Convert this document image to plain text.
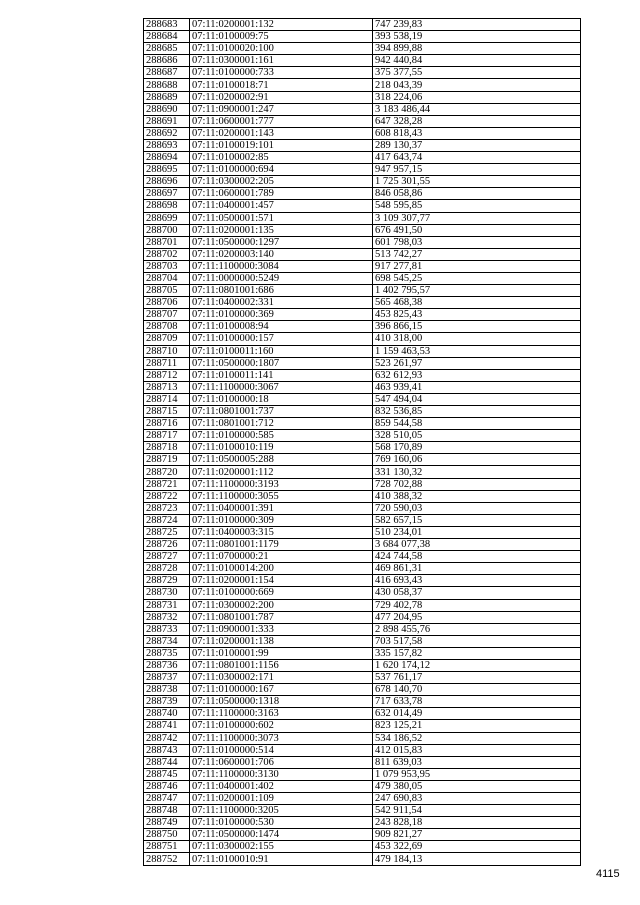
288683	07:11:0200001:132	747 239,83
288684	07:11:0100009:75	393 538,19
288685	07:11:0100020:100	394 899,88
288686	07:11:0300001:161	942 440,84
288687	07:11:0100000:733	375 377,55
288688	07:11:0100018:71	218 043,39
288689	07:11:0200002:91	318 224,06
288690	07:11:0900001:247	3 183 486,44
288691	07:11:0600001:777	647 328,28
288692	07:11:0200001:143	608 818,43
288693	07:11:0100019:101	289 130,37
288694	07:11:0100002:85	417 643,74
288695	07:11:0100000:694	947 957,15
288696	07:11:0300002:205	1 725 301,55
288697	07:11:0600001:789	846 058,86
288698	07:11:0400001:457	548 595,85
288699	07:11:0500001:571	3 109 307,77
288700	07:11:0200001:135	676 491,50
288701	07:11:0500000:1297	601 798,03
288702	07:11:0200003:140	513 742,27
288703	07:11:1100000:3084	917 277,81
288704	07:11:0000000:5249	698 545,25
288705	07:11:0801001:686	1 402 795,57
288706	07:11:0400002:331	565 468,38
288707	07:11:0100000:369	453 825,43
288708	07:11:0100008:94	396 866,15
288709	07:11:0100000:157	410 318,00
288710	07:11:0100011:160	1 159 463,53
288711	07:11:0500000:1807	523 261,97
288712	07:11:0100011:141	632 612,93
288713	07:11:1100000:3067	463 939,41
288714	07:11:0100000:18	547 494,04
288715	07:11:0801001:737	832 536,85
288716	07:11:0801001:712	859 544,58
288717	07:11:0100000:585	328 510,05
288718	07:11:0100010:119	568 170,89
288719	07:11:0500005:288	769 160,06
288720	07:11:0200001:112	331 130,32
288721	07:11:1100000:3193	728 702,88
288722	07:11:1100000:3055	410 388,32
288723	07:11:0400001:391	720 590,03
288724	07:11:0100000:309	582 657,15
288725	07:11:0400003:315	510 234,01
288726	07:11:0801001:1179	3 684 077,38
288727	07:11:0700000:21	424 744,58
288728	07:11:0100014:200	469 861,31
288729	07:11:0200001:154	416 693,43
288730	07:11:0100000:669	430 058,37
288731	07:11:0300002:200	729 402,78
288732	07:11:0801001:787	477 204,95
288733	07:11:0900001:333	2 898 455,76
288734	07:11:0200001:138	703 517,58
288735	07:11:0100001:99	335 157,82
288736	07:11:0801001:1156	1 620 174,12
288737	07:11:0300002:171	537 761,17
288738	07:11:0100000:167	678 140,70
288739	07:11:0500000:1318	717 633,78
288740	07:11:1100000:3163	632 014,49
288741	07:11:0100000:602	823 125,21
288742	07:11:1100000:3073	534 186,52
288743	07:11:0100000:514	412 015,83
288744	07:11:0600001:706	811 639,03
288745	07:11:1100000:3130	1 079 953,95
288746	07:11:0400001:402	479 380,05
288747	07:11:0200001:109	247 690,83
288748	07:11:1100000:3205	542 911,54
288749	07:11:0100000:530	243 828,18
288750	07:11:0500000:1474	909 821,27
288751	07:11:0300002:155	453 322,69
288752	07:11:0100010:91	479 184,13
4115
